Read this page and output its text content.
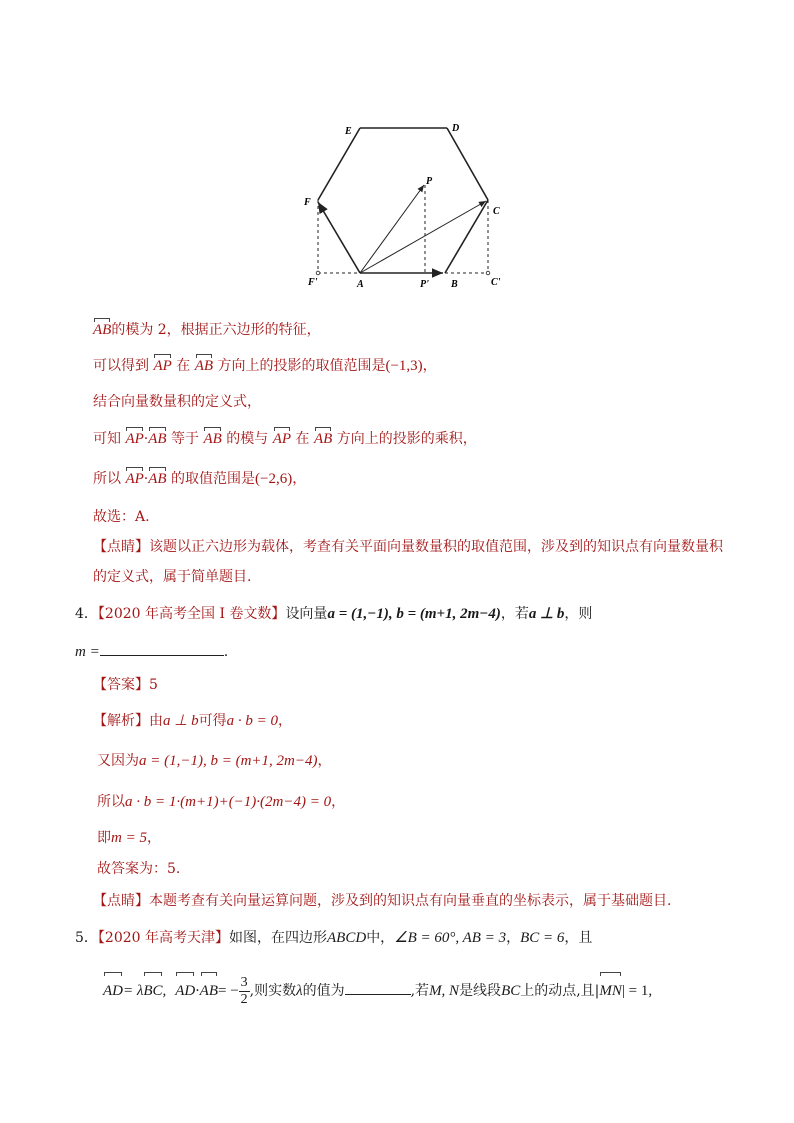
E	D
P
F
C
F'	A	P' B	C'
AB的模为 2，根据正六边形的特征，
可以得到 AP 在 AB 方向上的投影的取值范围是(−1,3)，
结合向量数量积的定义式，
可知 AP·AB 等于 AB 的模与 AP 在 AB 方向上的投影的乘积，
所以 AP·AB 的取值范围是(−2,6)，
故选：A.
【点睛】该题以正六边形为载体，考查有关平面向量数量积的取值范围，涉及到的知识点有向量数量积
的定义式，属于简单题目.
4．【2020 年高考全国 I 卷文数】设向量a = (1,−1), b = (m+1, 2m−4)，若a ⊥ b，则
m =	.
【答案】5
【解析】由a ⊥ b可得a · b = 0，
又因为a = (1,−1), b = (m+1, 2m−4)，
所以a · b = 1·(m+1)+(−1)·(2m−4) = 0，
即m = 5，
故答案为：5.
【点睛】本题考查有关向量运算问题，涉及到的知识点有向量垂直的坐标表示，属于基础题目.
5．【2020 年高考天津】如图，在四边形ABCD中，∠B = 60°, AB = 3，BC = 6，且
AD= λBC, $AD\cdot AB= - \frac{3}{2}$ ,则实数λ的值为	,若M, N是线段BC上的动点,且|MN| = 1,
